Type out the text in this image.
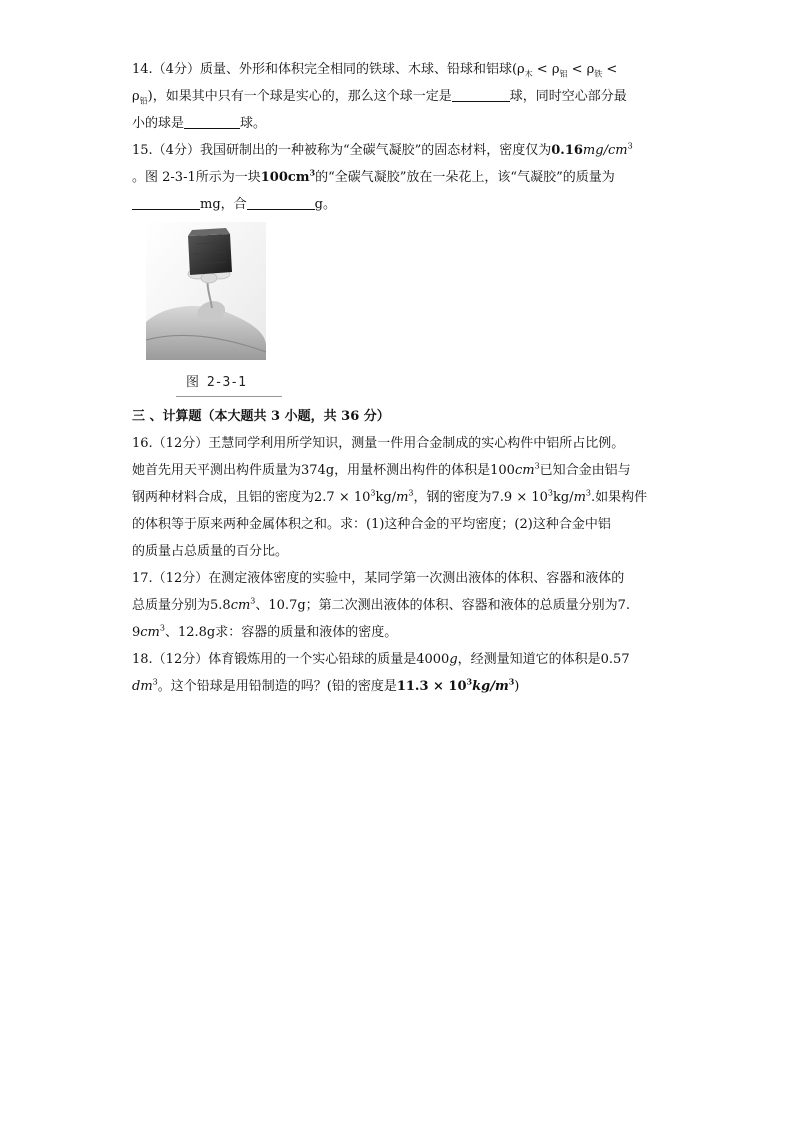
14.（4分）质量、外形和体积完全相同的铁球、木球、铅球和铝球($\rho_木 < \rho_铝 < \rho_铁$ <
$\rho_铅$)，如果其中只有一个球是实心的，那么这个球一定是	球，同时空心部分最
小的球是	球。
15.（4分）我国研制出的一种被称为“全碳气凝胶”的固态材料，密度仅为$0.16mg/cm^3$
。图 2-3-1所示为一块$100cm^3$的“全碳气凝胶”放在一朵花上，该“气凝胶”的质量为
mg，合	g。
图 2-3-1
三 、计算题（本大题共 3 小题，共 36 分）
16.（12分）王慧同学利用所学知识，测量一件用合金制成的实心构件中铝所占比例。
她首先用天平测出构件质量为374g，用量杯测出构件的体积是$100cm^3$已知合金由铝与
钢两种材料合成，且铝的密度为$2.7 \times 10^3kg/m^3$，钢的密度为$7.9 \times 10^3kg/m^3$.如果构件
的体积等于原来两种金属体积之和。求：(1)这种合金的平均密度；(2)这种合金中铝
的质量占总质量的百分比。
17.（12分）在测定液体密度的实验中，某同学第一次测出液体的体积、容器和液体的
总质量分别为$5.8cm^3$、10.7g；第二次测出液体的体积、容器和液体的总质量分别为7.
$9cm^3$、12.8g求：容器的质量和液体的密度。
18.（12分）体育锻炼用的一个实心铅球的质量是4000g，经测量知道它的体积是0.57
$dm^3$。这个铅球是用铅制造的吗？(铅的密度是$11.3 \times 10^3kg/m^3$)
